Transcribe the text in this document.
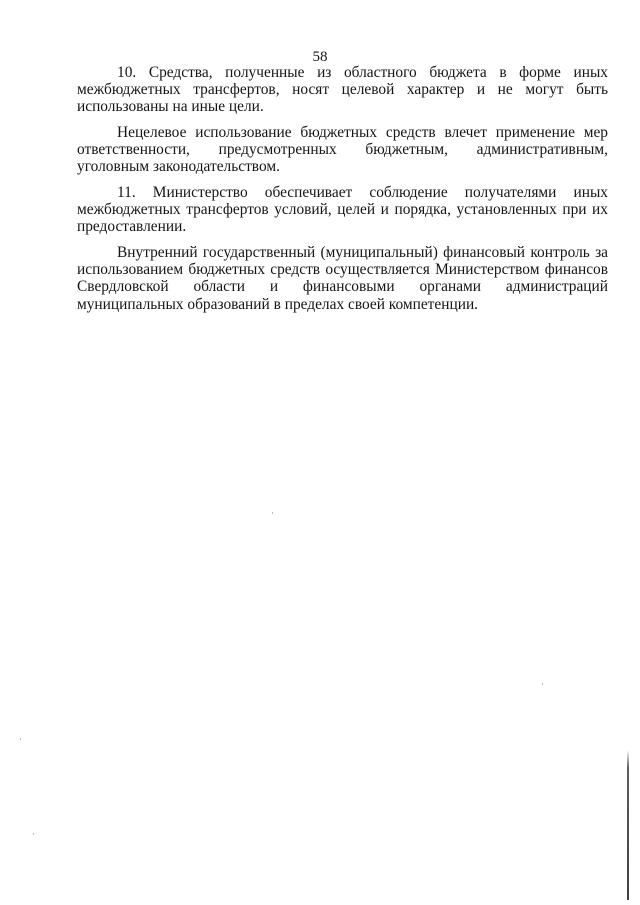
58

10. Средства, полученные из областного бюджета в форме иных межбюджетных трансфертов, носят целевой характер и не могут быть использованы на иные цели.

Нецелевое использование бюджетных средств влечет применение мер ответственности, предусмотренных бюджетным, административным, уголовным законодательством.

11. Министерство обеспечивает соблюдение получателями иных межбюджетных трансфертов условий, целей и порядка, установленных при их предоставлении.

Внутренний государственный (муниципальный) финансовый контроль за использованием бюджетных средств осуществляется Министерством финансов Свердловской области и финансовыми органами администраций муниципальных образований в пределах своей компетенции.
